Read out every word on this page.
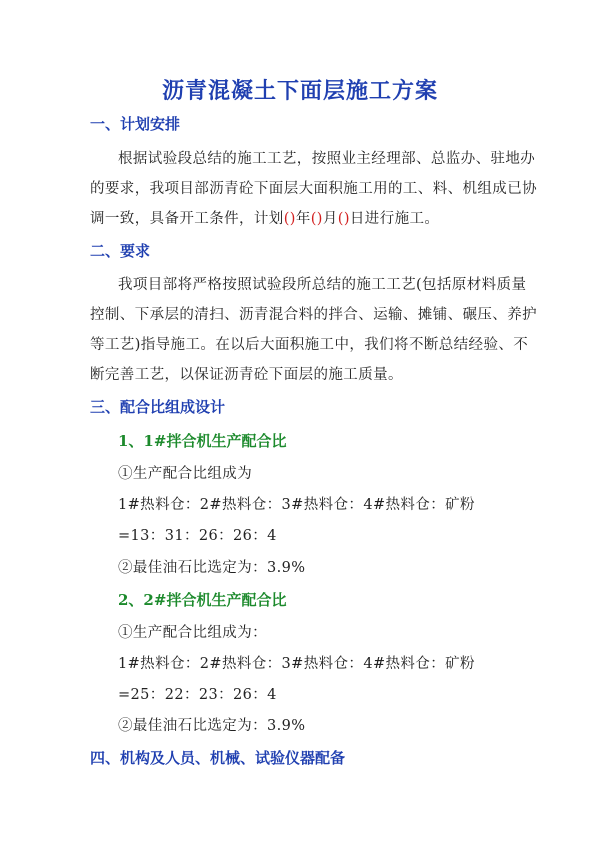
沥青混凝土下面层施工方案
一、计划安排
根据试验段总结的施工工艺，按照业主经理部、总监办、驻地办
的要求，我项目部沥青砼下面层大面积施工用的工、料、机组成已协
调一致，具备开工条件，计划()年()月()日进行施工。
二、要求
我项目部将严格按照试验段所总结的施工工艺(包括原材料质量
控制、下承层的清扫、沥青混合料的拌合、运输、摊铺、碾压、养护
等工艺)指导施工。在以后大面积施工中，我们将不断总结经验、不
断完善工艺，以保证沥青砼下面层的施工质量。
三、配合比组成设计
1、1#拌合机生产配合比
①生产配合比组成为
1#热料仓：2#热料仓：3#热料仓：4#热料仓：矿粉
=13：31：26：26：4
②最佳油石比选定为：3.9%
2、2#拌合机生产配合比
①生产配合比组成为：
1#热料仓：2#热料仓：3#热料仓：4#热料仓：矿粉
=25：22：23：26：4
②最佳油石比选定为：3.9%
四、机构及人员、机械、试验仪器配备
